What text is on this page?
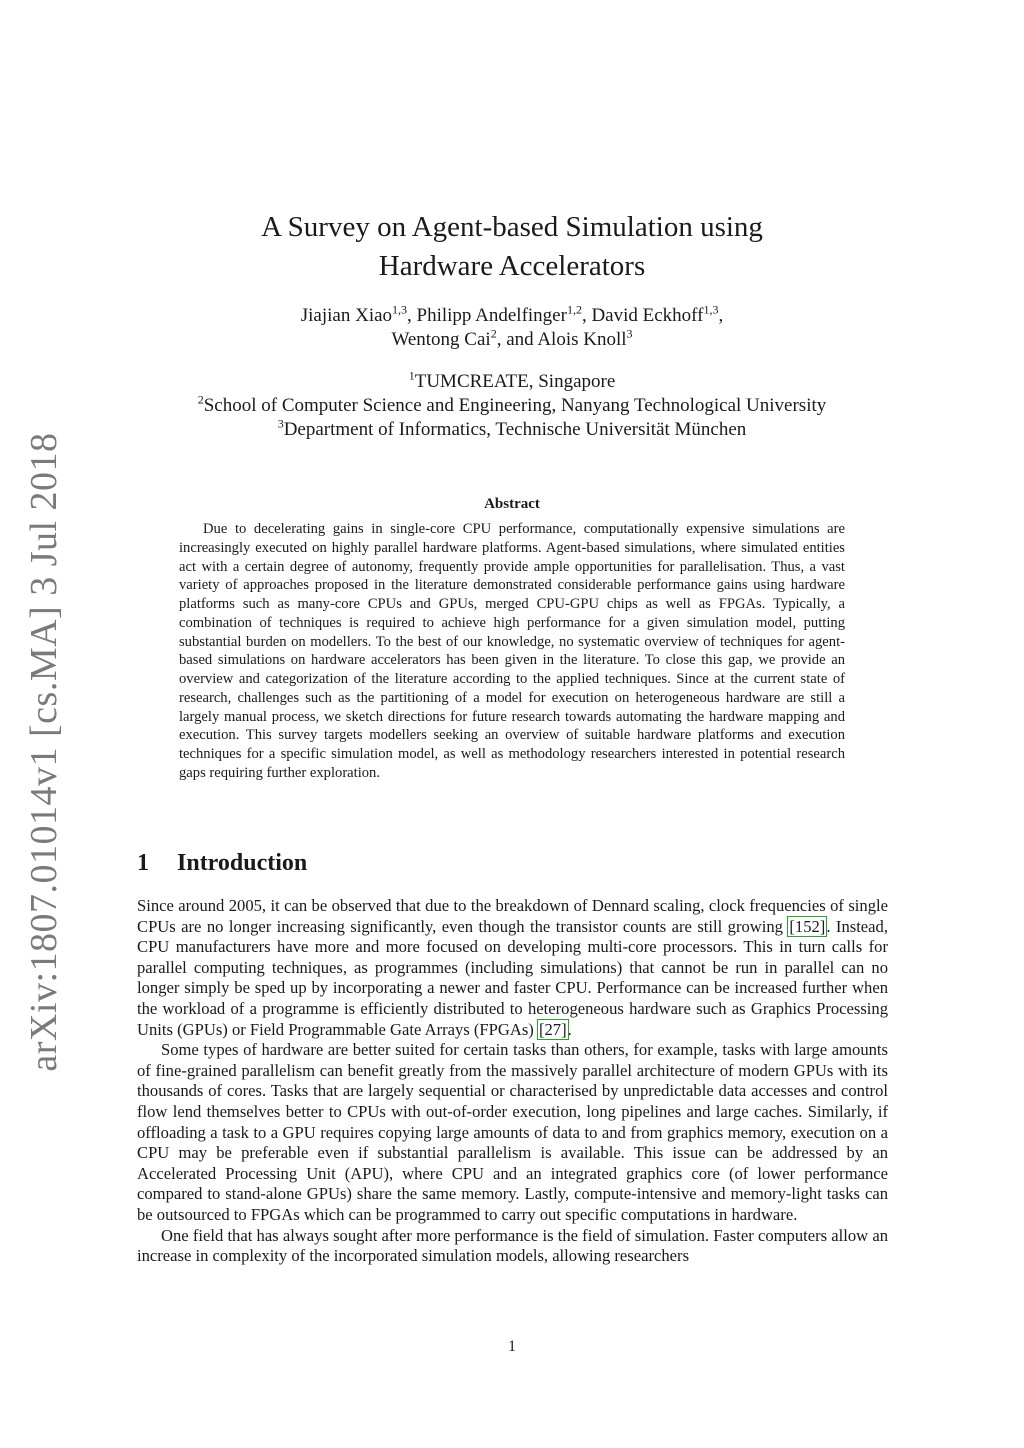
arXiv:1807.01014v1 [cs.MA] 3 Jul 2018
A Survey on Agent-based Simulation using
Hardware Accelerators
Jiajian Xiao$^{1,3}$, Philipp Andelfinger$^{1,2}$, David Eckhoff$^{1,3}$,
Wentong Cai$^2$, and Alois Knoll$^3$
$^1$TUMCREATE, Singapore
$^2$School of Computer Science and Engineering, Nanyang Technological University
$^3$Department of Informatics, Technische Universität München
Abstract
Due to decelerating gains in single-core CPU performance, computationally expensive simulations are increasingly executed on highly parallel hardware platforms. Agent-based simulations, where simulated entities act with a certain degree of autonomy, frequently provide ample opportunities for parallelisation. Thus, a vast variety of approaches proposed in the literature demonstrated considerable performance gains using hardware platforms such as many-core CPUs and GPUs, merged CPU-GPU chips as well as FPGAs. Typically, a combination of techniques is required to achieve high performance for a given simulation model, putting substantial burden on modellers. To the best of our knowledge, no systematic overview of techniques for agent-based simulations on hardware accelerators has been given in the literature. To close this gap, we provide an overview and categorization of the literature according to the applied techniques. Since at the current state of research, challenges such as the partitioning of a model for execution on heterogeneous hardware are still a largely manual process, we sketch directions for future research towards automating the hardware mapping and execution. This survey targets modellers seeking an overview of suitable hardware platforms and execution techniques for a specific simulation model, as well as methodology researchers interested in potential research gaps requiring further exploration.
1 Introduction

Since around 2005, it can be observed that due to the breakdown of Dennard scaling, clock frequencies of single CPUs are no longer increasing significantly, even though the transistor counts are still growing [152]. Instead, CPU manufacturers have more and more focused on developing multi-core processors. This in turn calls for parallel computing techniques, as programmes (including simulations) that cannot be run in parallel can no longer simply be sped up by incorporating a newer and faster CPU. Performance can be increased further when the workload of a programme is efficiently distributed to heterogeneous hardware such as Graphics Processing Units (GPUs) or Field Programmable Gate Arrays (FPGAs) [27].

Some types of hardware are better suited for certain tasks than others, for example, tasks with large amounts of fine-grained parallelism can benefit greatly from the massively parallel architecture of modern GPUs with its thousands of cores. Tasks that are largely sequential or characterised by unpredictable data accesses and control flow lend themselves better to CPUs with out-of-order execution, long pipelines and large caches. Similarly, if offloading a task to a GPU requires copying large amounts of data to and from graphics memory, execution on a CPU may be preferable even if substantial parallelism is available. This issue can be addressed by an Accelerated Processing Unit (APU), where CPU and an integrated graphics core (of lower performance compared to stand-alone GPUs) share the same memory. Lastly, compute-intensive and memory-light tasks can be outsourced to FPGAs which can be programmed to carry out specific computations in hardware.

One field that has always sought after more performance is the field of simulation. Faster computers allow an increase in complexity of the incorporated simulation models, allowing researchers

1
